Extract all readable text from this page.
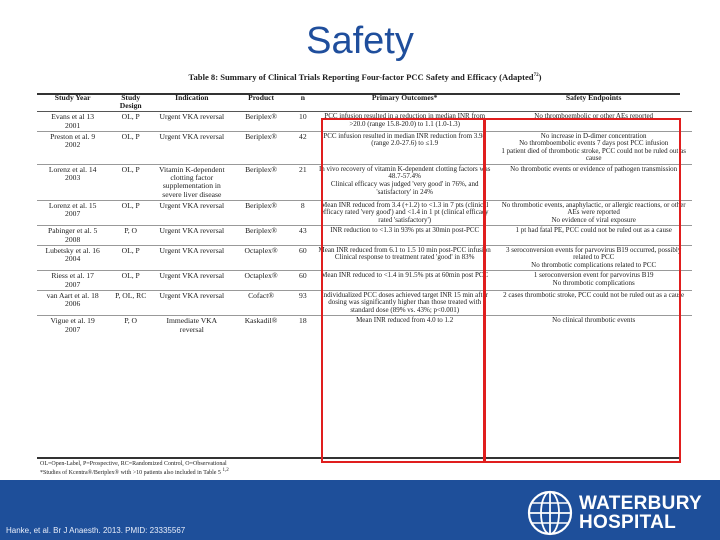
Safety
Table 8: Summary of Clinical Trials Reporting Four-factor PCC Safety and Efficacy (Adapted$^{72}$)
Study Year	Study Design	Indication	Product	n	Primary Outcomes*	Safety Endpoints
Evans et al 13
2001	OL, P	Urgent VKA reversal	Beriplex®	10	PCC infusion resulted in a reduction in median INR from >20.0 (range 15.8-20.0) to 1.1 (1.0-1.3)	No thromboembolic or other AEs reported
Preston et al. 9
2002	OL, P	Urgent VKA reversal	Beriplex®	42	PCC infusion resulted in median INR reduction from 3.98 (range 2.0-27.6) to ≤1.9	No increase in D-dimer concentration
No thromboembolic events 7 days post PCC infusion
1 patient died of thrombotic stroke, PCC could not be ruled out as cause
Lorenz et al. 14
2003	OL, P	Vitamin K-dependent clotting factor supplementation in severe liver disease	Beriplex®	21	In vivo recovery of vitamin K-dependent clotting factors was 48.7-57.4%
Clinical efficacy was judged 'very good' in 76%, and 'satisfactory' in 24%	No thrombotic events or evidence of pathogen transmission
Lorenz et al. 15
2007	OL, P	Urgent VKA reversal	Beriplex®	8	Mean INR reduced from 3.4 (+1.2) to <1.3 in 7 pts (clinical efficacy rated 'very good') and <1.4 in 1 pt (clinical efficacy rated 'satisfactory')	No thrombotic events, anaphylactic, or allergic reactions, or other AEs were reported
No evidence of viral exposure
Pabinger et al. 5
2008	P, O	Urgent VKA reversal	Beriplex®	43	INR reduction to <1.3 in 93% pts at 30min post-PCC	1 pt had fatal PE, PCC could not be ruled out as a cause
Lubetsky et al. 16
2004	OL, P	Urgent VKA reversal	Octaplex®	60	Mean INR reduced from 6.1 to 1.5 10 min post-PCC infusion
Clinical response to treatment rated 'good' in 83%	3 seroconversion events for parvovirus B19 occurred, possibly related to PCC
No thrombotic complications related to PCC
Riess et al. 17
2007	OL, P	Urgent VKA reversal	Octaplex®	60	Mean INR reduced to <1.4 in 91.5% pts at 60min post PCC	1 seroconversion event for parvovirus B19
No thrombotic complications
van Aart et al. 18
2006	P, OL, RC	Urgent VKA reversal	Cofact®	93	Individualized PCC doses achieved target INR 15 min after dosing was significantly higher than those treated with standard dose (89% vs. 43%; p<0.001)	2 cases thrombotic stroke, PCC could not be ruled out as a cause
Vigue et al. 19
2007	P, O	Immediate VKA reversal	Kaskadil®	18	Mean INR reduced from 4.0 to 1.2	No clinical thrombotic events
OL=Open-Label, P=Prospective, RC=Randomized Control, O=Observational
*Studies of Kcentra®/Beriplex® with >10 patients also included in Table 5 $^{1,2}$
Hanke, et al. Br J Anaesth. 2013. PMID: 23335567
WATERBURY
HOSPITAL
